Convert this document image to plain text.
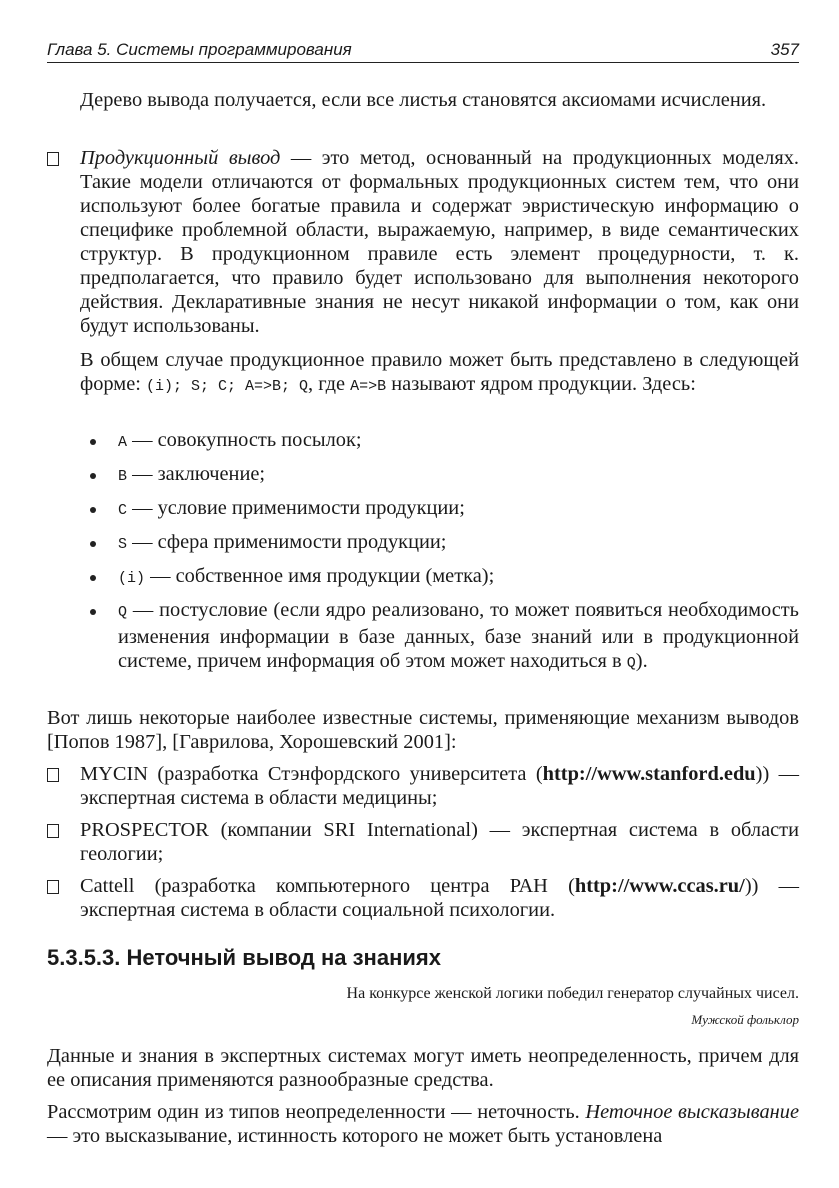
Глава 5. Системы программирования	357

Дерево вывода получается, если все листья становятся аксиомами исчисления.

Продукционный вывод — это метод, основанный на продукционных моделях. Такие модели отличаются от формальных продукционных систем тем, что они используют более богатые правила и содержат эвристическую информацию о специфике проблемной области, выражаемую, например, в виде семантических структур. В продукционном правиле есть элемент процедурности, т. к. предполагается, что правило будет использовано для выполнения некоторого действия. Декларативные знания не несут никакой информации о том, как они будут использованы.

В общем случае продукционное правило может быть представлено в следующей форме: (i); S; C; A=>B; Q, где A=>B называют ядром продукции. Здесь:

A — совокупность посылок;

B — заключение;

C — условие применимости продукции;

S — сфера применимости продукции;

(i) — собственное имя продукции (метка);

Q — постусловие (если ядро реализовано, то может появиться необходимость изменения информации в базе данных, базе знаний или в продукционной системе, причем информация об этом может находиться в Q).

Вот лишь некоторые наиболее известные системы, применяющие механизм выводов [Попов 1987], [Гаврилова, Хорошевский 2001]:

MYCIN (разработка Стэнфордского университета (http://www.stanford.edu)) — экспертная система в области медицины;

PROSPECTOR (компании SRI International) — экспертная система в области геологии;

Cattell (разработка компьютерного центра РАН (http://www.ccas.ru/)) — экспертная система в области социальной психологии.

5.3.5.3. Неточный вывод на знаниях
На конкурсе женской логики победил генератор случайных чисел.
Мужской фольклор

Данные и знания в экспертных системах могут иметь неопределенность, причем для ее описания применяются разнообразные средства.

Рассмотрим один из типов неопределенности — неточность. Неточное высказывание — это высказывание, истинность которого не может быть установлена
